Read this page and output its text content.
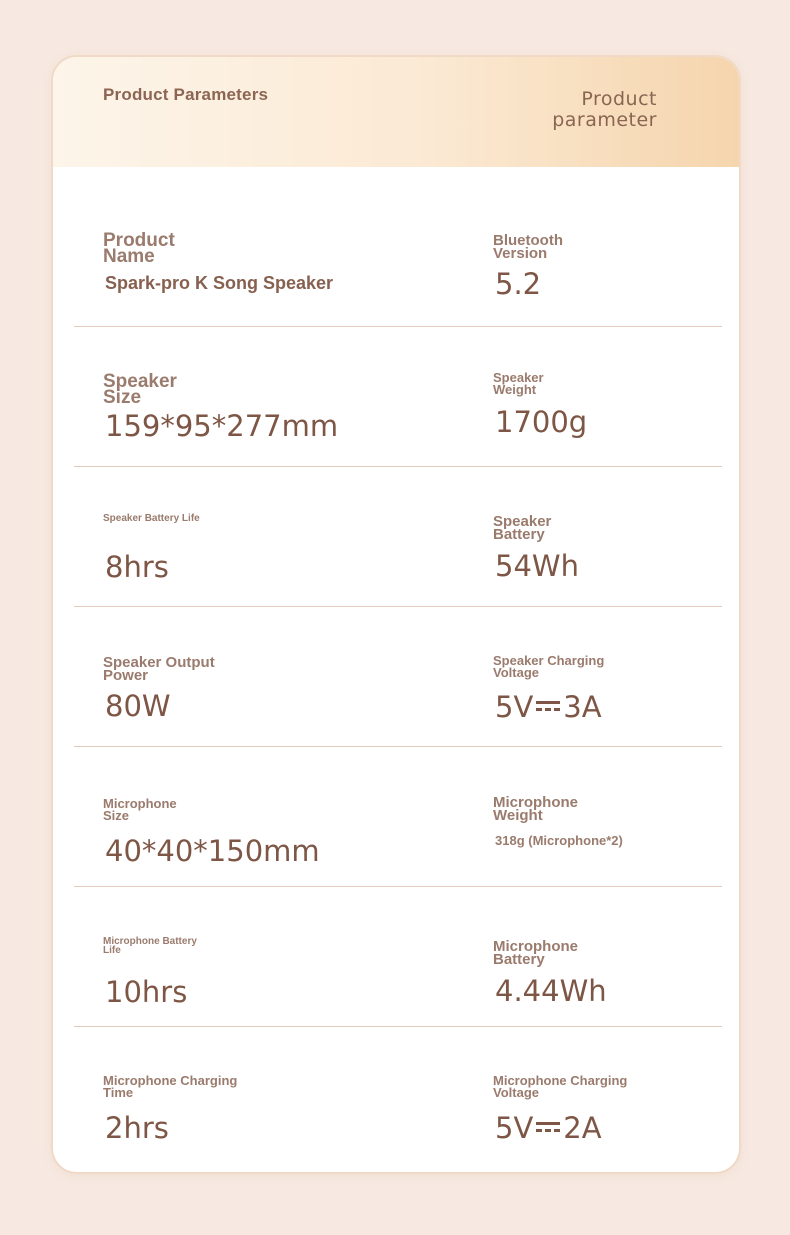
Product Parameters	Product parameter
Product Name
Spark-pro K Song Speaker
Bluetooth Version
5.2
Speaker Size
159*95*277mm
Speaker Weight
1700g
Speaker Battery Life
8hrs
Speaker Battery
54Wh
Speaker Output Power
80W
Speaker Charging Voltage
5V 3A
Microphone Size
40*40*150mm
Microphone Weight
318g (Microphone*2)
Microphone Battery Life
10hrs
Microphone Battery
4.44Wh
Microphone Charging Time
2hrs
Microphone Charging Voltage
5V 2A
